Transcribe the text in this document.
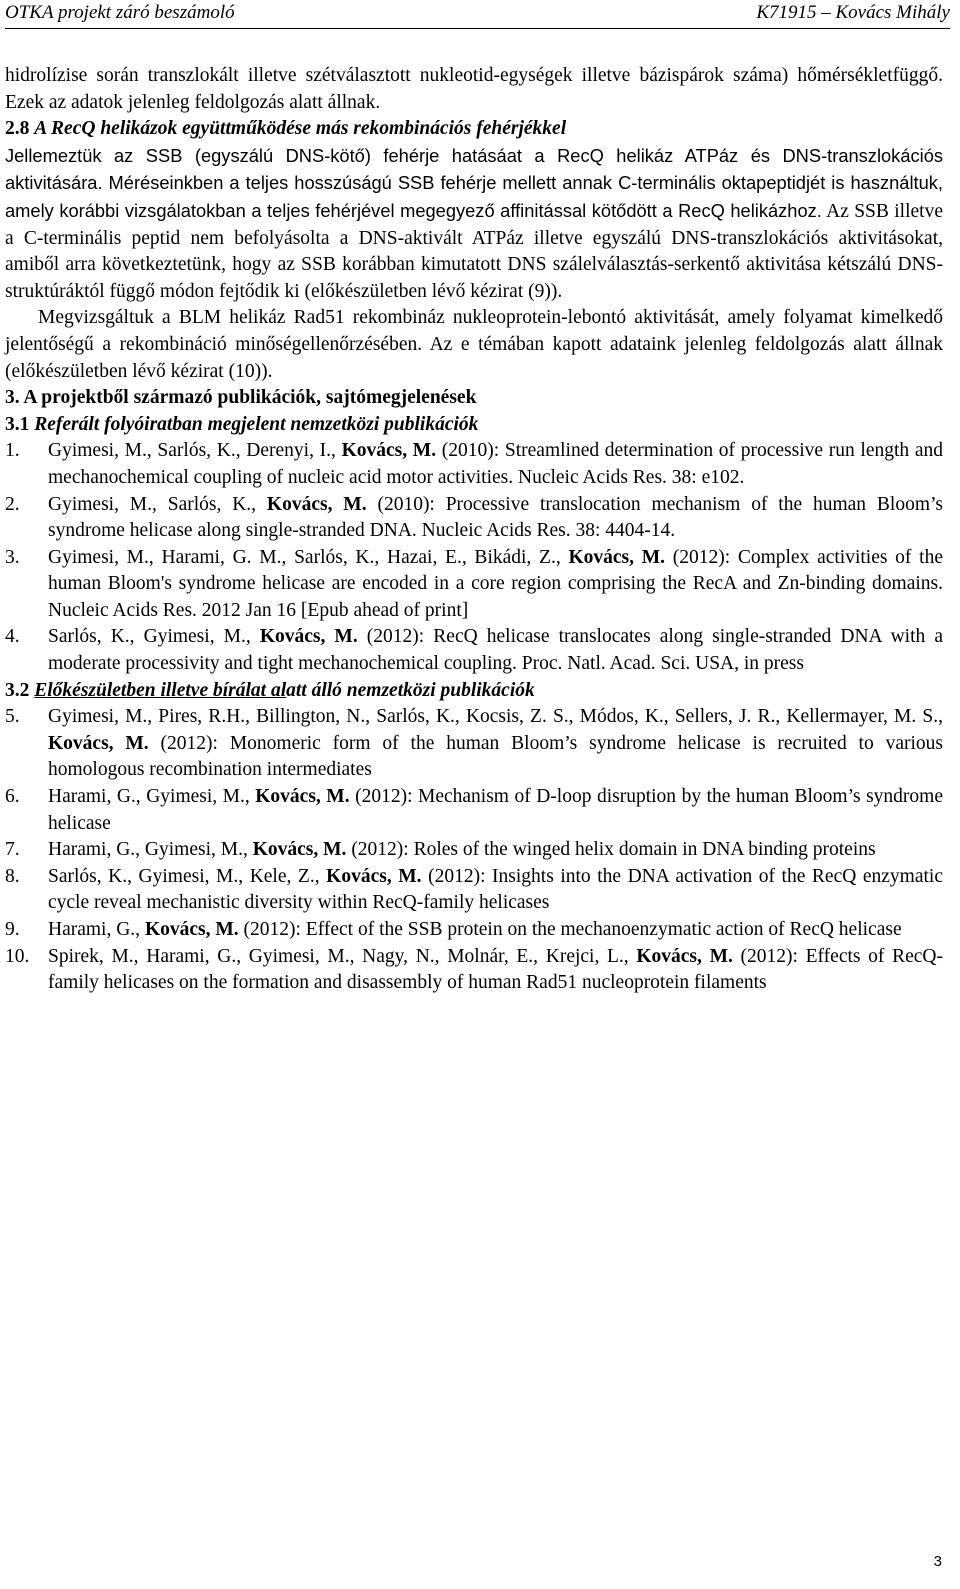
OTKA projekt záró beszámoló	K71915 – Kovács Mihály

hidrolízise során transzlokált illetve szétválasztott nukleotid-egységek illetve bázispárok száma) hőmérsékletfüggő. Ezek az adatok jelenleg feldolgozás alatt állnak.

2.8 A RecQ helikázok együttműködése más rekombinációs fehérjékkel

Jellemeztük az SSB (egyszálú DNS-kötő) fehérje hatásáat a RecQ helikáz ATPáz és DNS-transzlokációs aktivitására. Méréseinkben a teljes hosszúságú SSB fehérje mellett annak C-terminális oktapeptidjét is használtuk, amely korábbi vizsgálatokban a teljes fehérjével megegyező affinitással kötődött a RecQ helikázhoz. Az SSB illetve a C-terminális peptid nem befolyásolta a DNS-aktivált ATPáz illetve egyszálú DNS-transzlokációs aktivitásokat, amiből arra következtetünk, hogy az SSB korábban kimutatott DNS szálelválasztás-serkentő aktivitása kétszálú DNS-struktúráktól függő módon fejtődik ki (előkészületben lévő kézirat (9)).

Megvizsgáltuk a BLM helikáz Rad51 rekombináz nukleoprotein-lebontó aktivitását, amely folyamat kimelkedő jelentőségű a rekombináció minőségellenőrzésében. Az e témában kapott adataink jelenleg feldolgozás alatt állnak (előkészületben lévő kézirat (10)).

3. A projektből származó publikációk, sajtómegjelenések
3.1 Referált folyóiratban megjelent nemzetközi publikációk
1. Gyimesi, M., Sarlós, K., Derenyi, I., Kovács, M. (2010): Streamlined determination of processive run length and mechanochemical coupling of nucleic acid motor activities. Nucleic Acids Res. 38: e102.
2. Gyimesi, M., Sarlós, K., Kovács, M. (2010): Processive translocation mechanism of the human Bloom’s syndrome helicase along single-stranded DNA. Nucleic Acids Res. 38: 4404-14.
3. Gyimesi, M., Harami, G. M., Sarlós, K., Hazai, E., Bikádi, Z., Kovács, M. (2012): Complex activities of the human Bloom's syndrome helicase are encoded in a core region comprising the RecA and Zn-binding domains. Nucleic Acids Res. 2012 Jan 16 [Epub ahead of print]
4. Sarlós, K., Gyimesi, M., Kovács, M. (2012): RecQ helicase translocates along single-stranded DNA with a moderate processivity and tight mechanochemical coupling. Proc. Natl. Acad. Sci. USA, in press
3.2 Előkészületben illetve bírálat alatt álló nemzetközi publikációk
5. Gyimesi, M., Pires, R.H., Billington, N., Sarlós, K., Kocsis, Z. S., Módos, K., Sellers, J. R., Kellermayer, M. S., Kovács, M. (2012): Monomeric form of the human Bloom’s syndrome helicase is recruited to various homologous recombination intermediates
6. Harami, G., Gyimesi, M., Kovács, M. (2012): Mechanism of D-loop disruption by the human Bloom’s syndrome helicase
7. Harami, G., Gyimesi, M., Kovács, M. (2012): Roles of the winged helix domain in DNA binding proteins
8. Sarlós, K., Gyimesi, M., Kele, Z., Kovács, M. (2012): Insights into the DNA activation of the RecQ enzymatic cycle reveal mechanistic diversity within RecQ-family helicases
9. Harami, G., Kovács, M. (2012): Effect of the SSB protein on the mechanoenzymatic action of RecQ helicase
10. Spirek, M., Harami, G., Gyimesi, M., Nagy, N., Molnár, E., Krejci, L., Kovács, M. (2012): Effects of RecQ-family helicases on the formation and disassembly of human Rad51 nucleoprotein filaments
3
